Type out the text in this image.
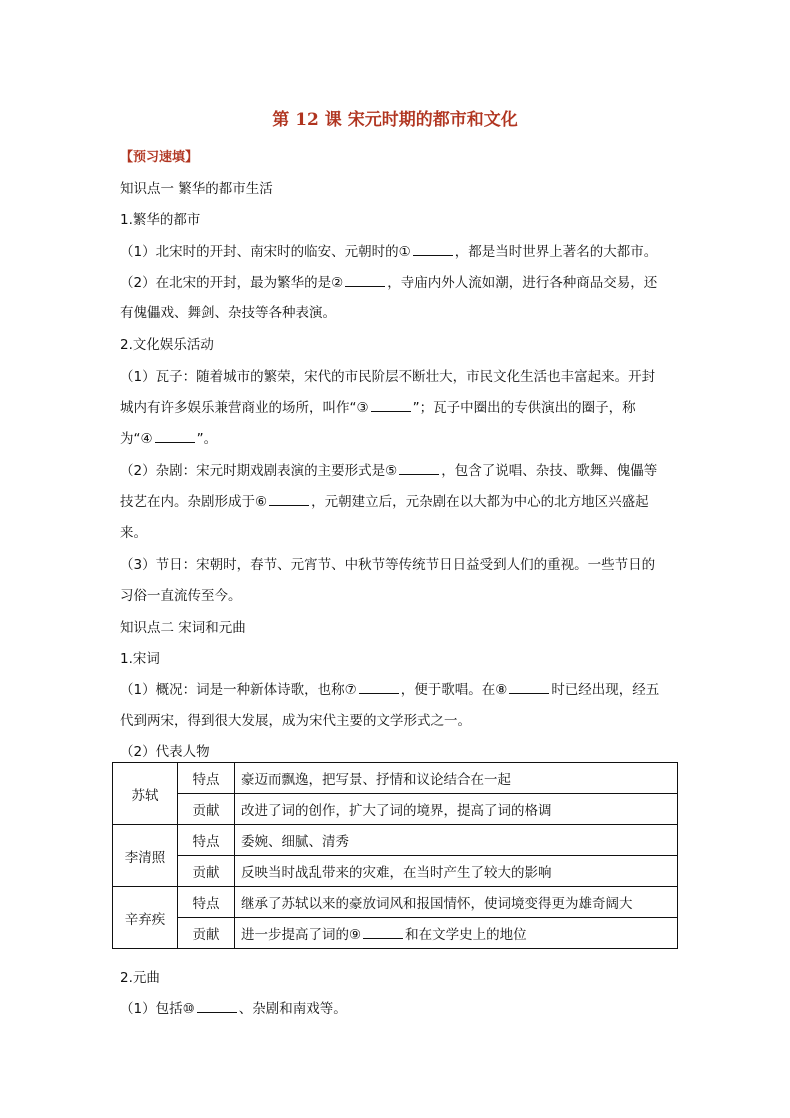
第 12 课 宋元时期的都市和文化
【预习速填】
知识点一 繁华的都市生活
1.繁华的都市
（1）北宋时的开封、南宋时的临安、元朝时的①	，都是当时世界上著名的大都市。
（2）在北宋的开封，最为繁华的是②	，寺庙内外人流如潮，进行各种商品交易，还
有傀儡戏、舞剑、杂技等各种表演。
2.文化娱乐活动
（1）瓦子：随着城市的繁荣，宋代的市民阶层不断壮大，市民文化生活也丰富起来。开封
城内有许多娱乐兼营商业的场所，叫作“③	”；瓦子中圈出的专供演出的圈子，称
为“④	”。
（2）杂剧：宋元时期戏剧表演的主要形式是⑤	，包含了说唱、杂技、歌舞、傀儡等
技艺在内。杂剧形成于⑥	，元朝建立后，元杂剧在以大都为中心的北方地区兴盛起
来。
（3）节日：宋朝时，春节、元宵节、中秋节等传统节日日益受到人们的重视。一些节日的
习俗一直流传至今。
知识点二 宋词和元曲
1.宋词
（1）概况：词是一种新体诗歌，也称⑦	，便于歌唱。在⑧	时已经出现，经五
代到两宋，得到很大发展，成为宋代主要的文学形式之一。
（2）代表人物
苏轼	特点	豪迈而飘逸，把写景、抒情和议论结合在一起
	贡献	改进了词的创作，扩大了词的境界，提高了词的格调
李清照	特点	委婉、细腻、清秀
	贡献	反映当时战乱带来的灾难，在当时产生了较大的影响
辛弃疾	特点	继承了苏轼以来的豪放词风和报国情怀，使词境变得更为雄奇阔大
	贡献	进一步提高了词的⑨ 和在文学史上的地位
2.元曲
（1）包括⑩	、杂剧和南戏等。
